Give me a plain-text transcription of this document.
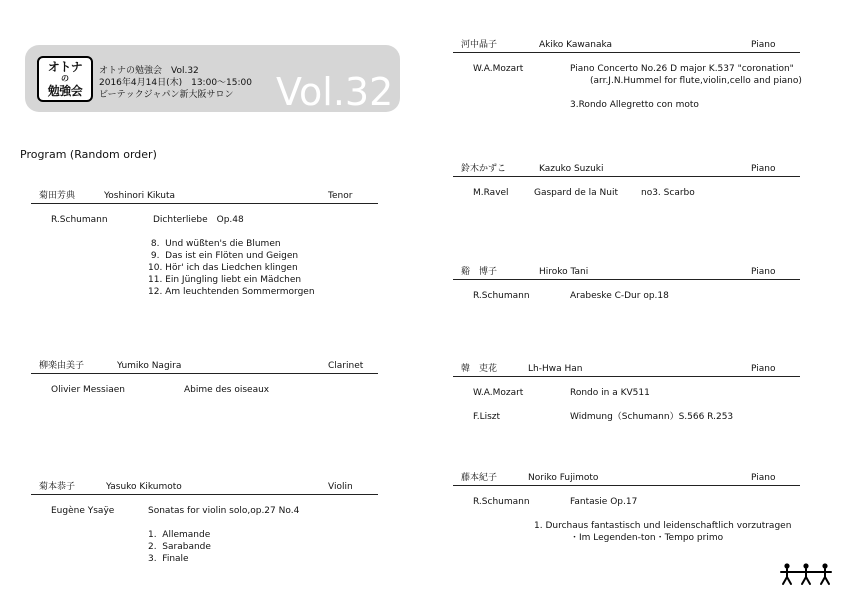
オトナ
の
勉強会
オトナの勉強会　Vol.32
2016年4月14日(木)　13:00～15:00
ビーテックジャパン新大阪サロン Vol.32
Program (Random order)
菊田芳典	Yoshinori Kikuta	Tenor
R.Schumann	Dichterliebe　Op.48
8.  Und wüßten's die Blumen
9.  Das ist ein Flöten und Geigen
10. Hör' ich das Liedchen klingen
11. Ein Jüngling liebt ein Mädchen
12. Am leuchtenden Sommermorgen
柳楽由美子	Yumiko Nagira	Clarinet
Olivier Messiaen	Abime des oiseaux
菊本恭子	Yasuko Kikumoto	Violin
Eugène Ysaÿe	Sonatas for violin solo,op.27 No.4
1.  Allemande
2.  Sarabande
3.  Finale
河中晶子	Akiko Kawanaka	Piano
W.A.Mozart	Piano Concerto No.26 D major K.537 "coronation"
(arr.J.N.Hummel for flute,violin,cello and piano)
3.Rondo Allegretto con moto
鈴木かずこ	Kazuko Suzuki	Piano
M.Ravel	Gaspard de la Nuit	no3. Scarbo
谿　博子	Hiroko Tani	Piano
R.Schumann	Arabeske C-Dur op.18
韓　吏花	Lh-Hwa Han	Piano
W.A.Mozart	Rondo in a KV511
F.Liszt	Widmung（Schumann）S.566 R.253
藤本紀子	Noriko Fujimoto	Piano
R.Schumann	Fantasie Op.17
1. Durchaus fantastisch und leidenschaftlich vorzutragen
・Im Legenden-ton・Tempo primo
